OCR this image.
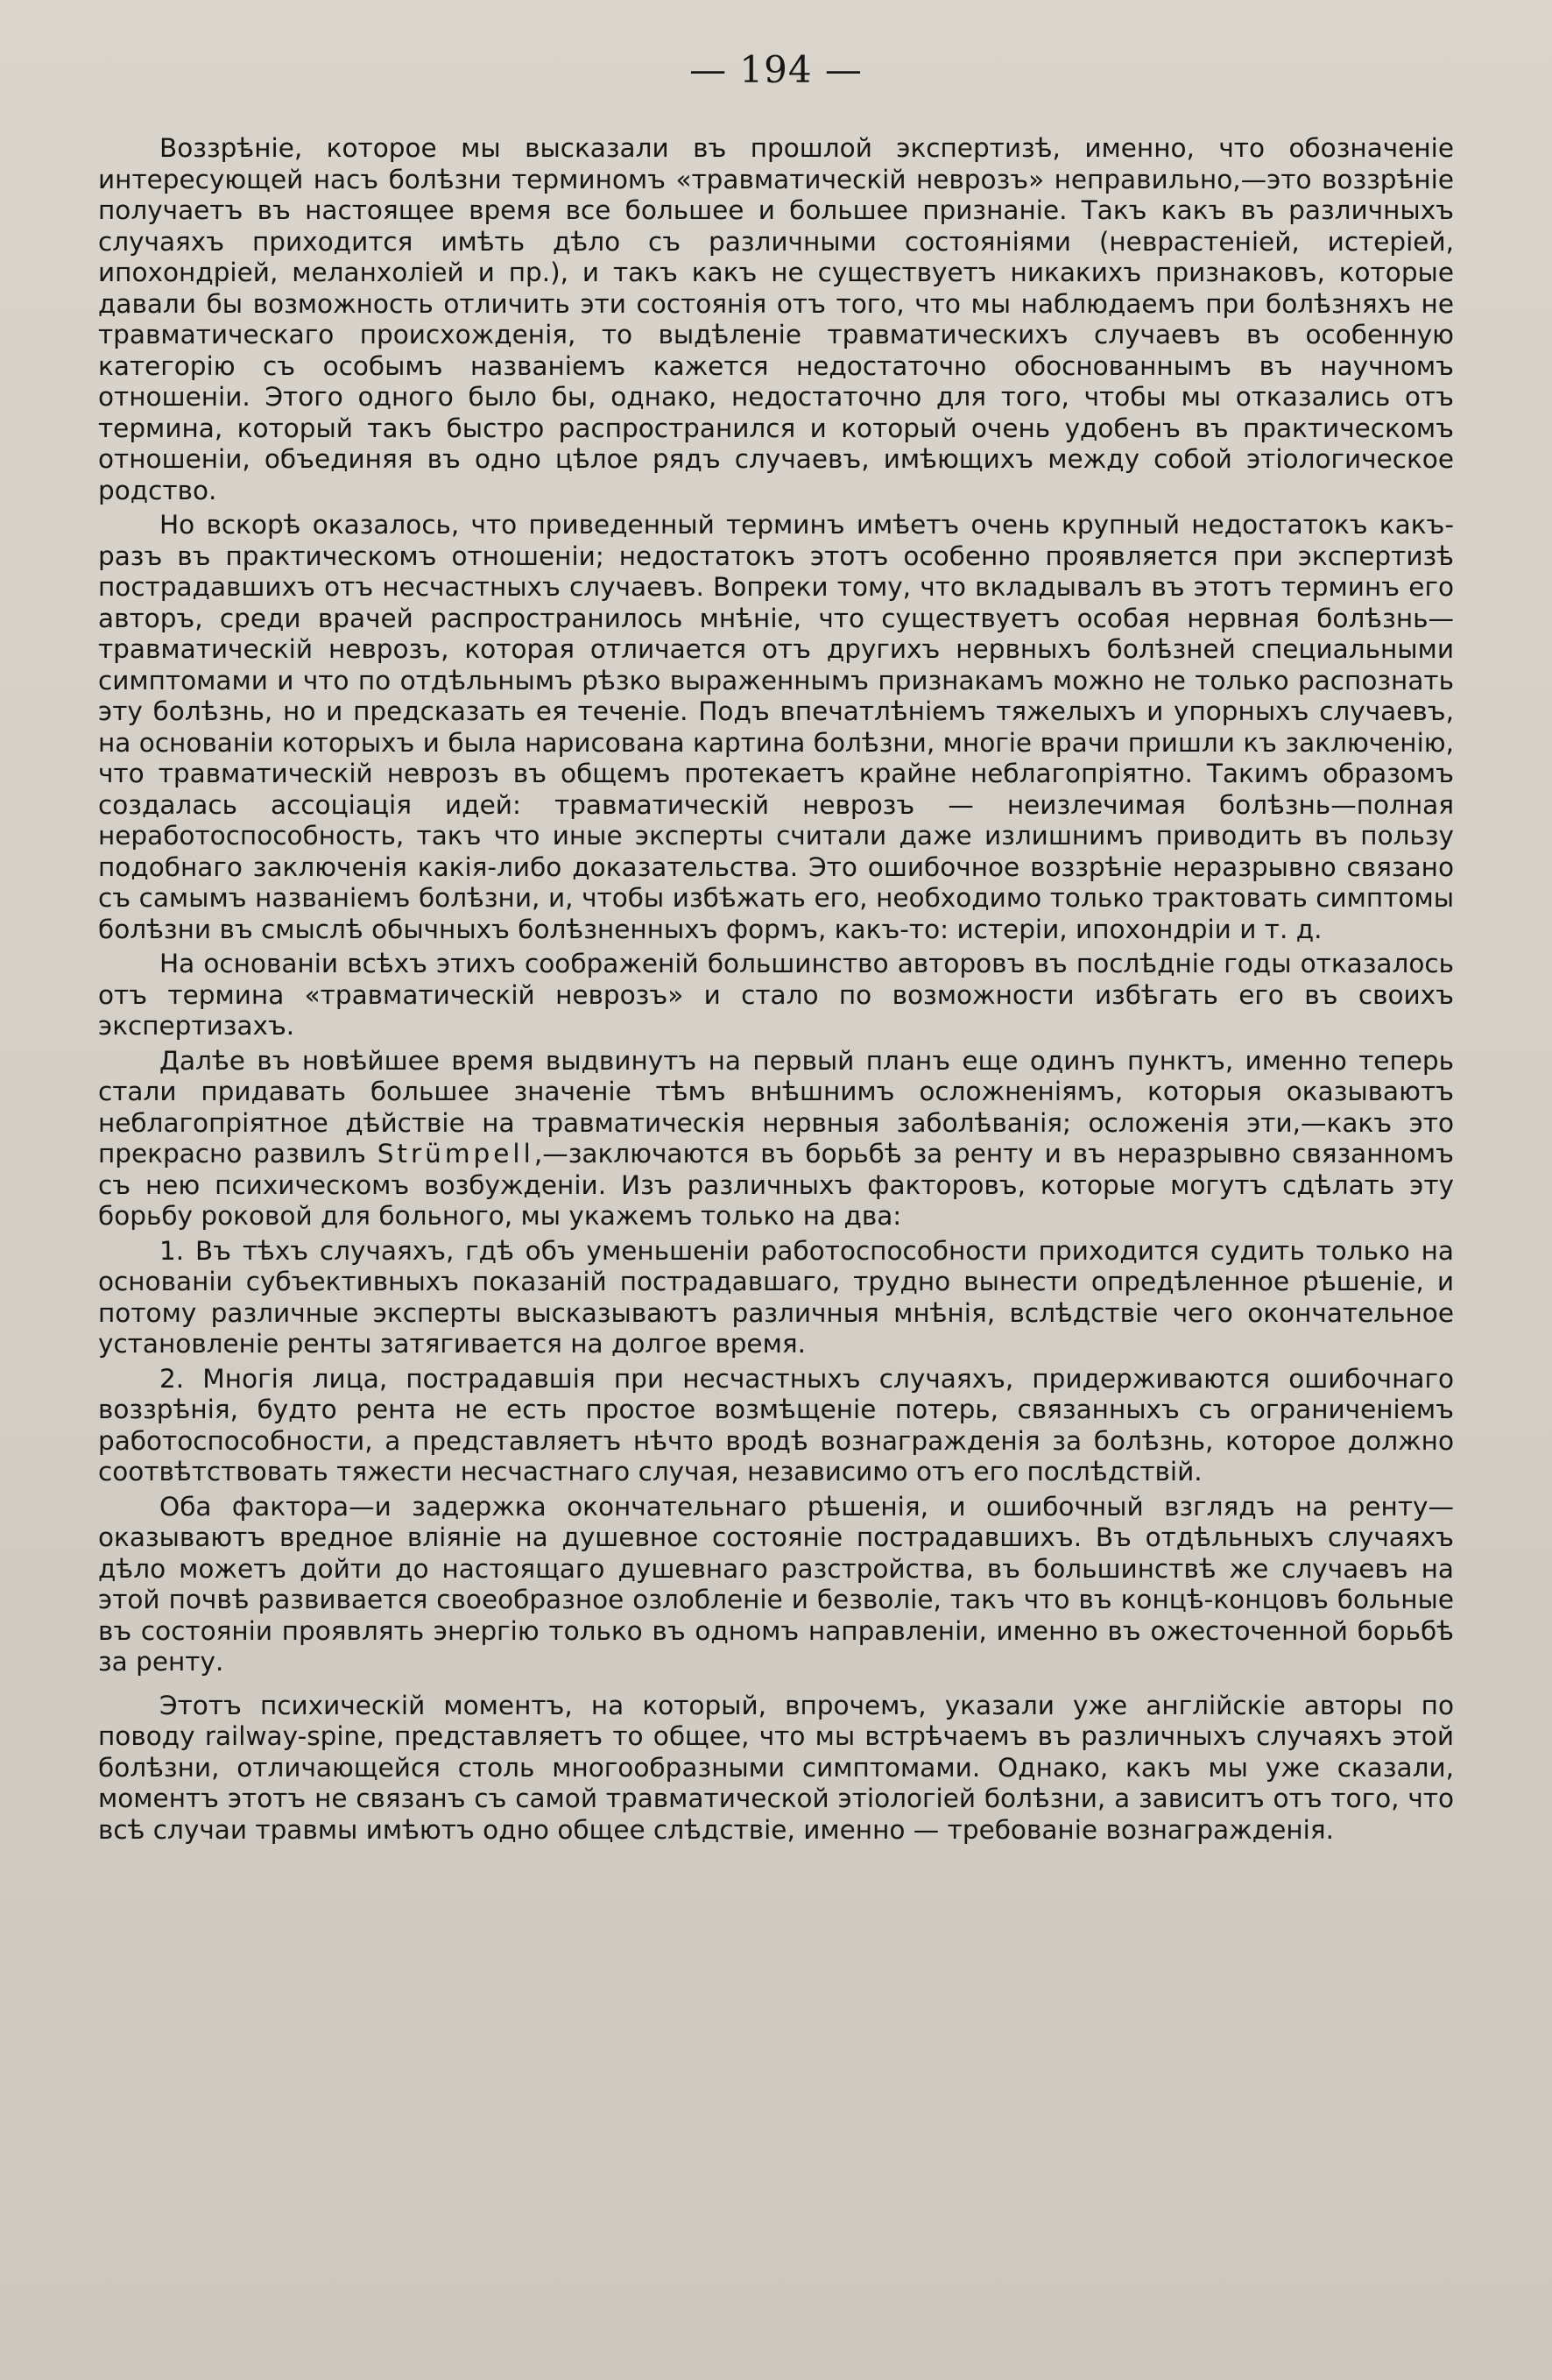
— 194 —

Воззрѣніе, которое мы высказали въ прошлой экспертизѣ, именно, что обозначеніе интересующей насъ болѣзни терминомъ «травматическій неврозъ» неправильно,—это воззрѣніе получаетъ въ настоящее время все большее и большее признаніе. Такъ какъ въ различныхъ случаяхъ приходится имѣть дѣло съ различными состояніями (неврастеніей, истеріей, ипохондріей, меланхоліей и пр.), и такъ какъ не существуетъ никакихъ признаковъ, которые давали бы возможность отличить эти состоянія отъ того, что мы наблюдаемъ при болѣзняхъ не травматическаго происхожденія, то выдѣленіе травматическихъ случаевъ въ особенную категорію съ особымъ названіемъ кажется недостаточно обоснованнымъ въ научномъ отношеніи. Этого одного было бы, однако, недостаточно для того, чтобы мы отказались отъ термина, который такъ быстро распространился и который очень удобенъ въ практическомъ отношеніи, объединяя въ одно цѣлое рядъ случаевъ, имѣющихъ между собой этіологическое родство.

Но вскорѣ оказалось, что приведенный терминъ имѣетъ очень крупный недостатокъ какъ-разъ въ практическомъ отношеніи; недостатокъ этотъ особенно проявляется при экспертизѣ пострадавшихъ отъ несчастныхъ случаевъ. Вопреки тому, что вкладывалъ въ этотъ терминъ его авторъ, среди врачей распространилось мнѣніе, что существуетъ особая нервная болѣзнь—травматическій неврозъ, которая отличается отъ другихъ нервныхъ болѣзней специальными симптомами и что по отдѣльнымъ рѣзко выраженнымъ признакамъ можно не только распознать эту болѣзнь, но и предсказать ея теченіе. Подъ впечатлѣніемъ тяжелыхъ и упорныхъ случаевъ, на основаніи которыхъ и была нарисована картина болѣзни, многіе врачи пришли къ заключенію, что травматическій неврозъ въ общемъ протекаетъ крайне неблагопріятно. Такимъ образомъ создалась ассоціація идей: травматическій неврозъ — неизлечимая болѣзнь—полная неработоспособность, такъ что иные эксперты считали даже излишнимъ приводить въ пользу подобнаго заключенія какія-либо доказательства. Это ошибочное воззрѣніе неразрывно связано съ самымъ названіемъ болѣзни, и, чтобы избѣжать его, необходимо только трактовать симптомы болѣзни въ смыслѣ обычныхъ болѣзненныхъ формъ, какъ-то: истеріи, ипохондріи и т. д.

На основаніи всѣхъ этихъ соображеній большинство авторовъ въ послѣдніе годы отказалось отъ термина «травматическій неврозъ» и стало по возможности избѣгать его въ своихъ экспертизахъ.

Далѣе въ новѣйшее время выдвинутъ на первый планъ еще одинъ пунктъ, именно теперь стали придавать большее значеніе тѣмъ внѣшнимъ осложненіямъ, которыя оказываютъ неблагопріятное дѣйствіе на травматическія нервныя заболѣванія; осложенія эти,—какъ это прекрасно развилъ Strümpell,—заключаются въ борьбѣ за ренту и въ неразрывно связанномъ съ нею психическомъ возбужденіи. Изъ различныхъ факторовъ, которые могутъ сдѣлать эту борьбу роковой для больного, мы укажемъ только на два:

1. Въ тѣхъ случаяхъ, гдѣ объ уменьшеніи работоспособности приходится судить только на основаніи субъективныхъ показаній пострадавшаго, трудно вынести опредѣленное рѣшеніе, и потому различные эксперты высказываютъ различныя мнѣнія, вслѣдствіе чего окончательное установленіе ренты затягивается на долгое время.

2. Многія лица, пострадавшія при несчастныхъ случаяхъ, придерживаются ошибочнаго воззрѣнія, будто рента не есть простое возмѣщеніе потерь, связанныхъ съ ограниченіемъ работоспособности, а представляетъ нѣчто вродѣ вознагражденія за болѣзнь, которое должно соотвѣтствовать тяжести несчастнаго случая, независимо отъ его послѣдствій.

Оба фактора—и задержка окончательнаго рѣшенія, и ошибочный взглядъ на ренту—оказываютъ вредное вліяніе на душевное состояніе пострадавшихъ. Въ отдѣльныхъ случаяхъ дѣло можетъ дойти до настоящаго душевнаго разстройства, въ большинствѣ же случаевъ на этой почвѣ развивается своеобразное озлобленіе и безволіе, такъ что въ концѣ-концовъ больные въ состояніи проявлять энергію только въ одномъ направленіи, именно въ ожесточенной борьбѣ за ренту.

Этотъ психическій моментъ, на который, впрочемъ, указали уже англійскіе авторы по поводу railway-spine, представляетъ то общее, что мы встрѣчаемъ въ различныхъ случаяхъ этой болѣзни, отличающейся столь многообразными симптомами. Однако, какъ мы уже сказали, моментъ этотъ не связанъ съ самой травматической этіологіей болѣзни, а зависитъ отъ того, что всѣ случаи травмы имѣютъ одно общее слѣдствіе, именно — требованіе вознагражденія.
